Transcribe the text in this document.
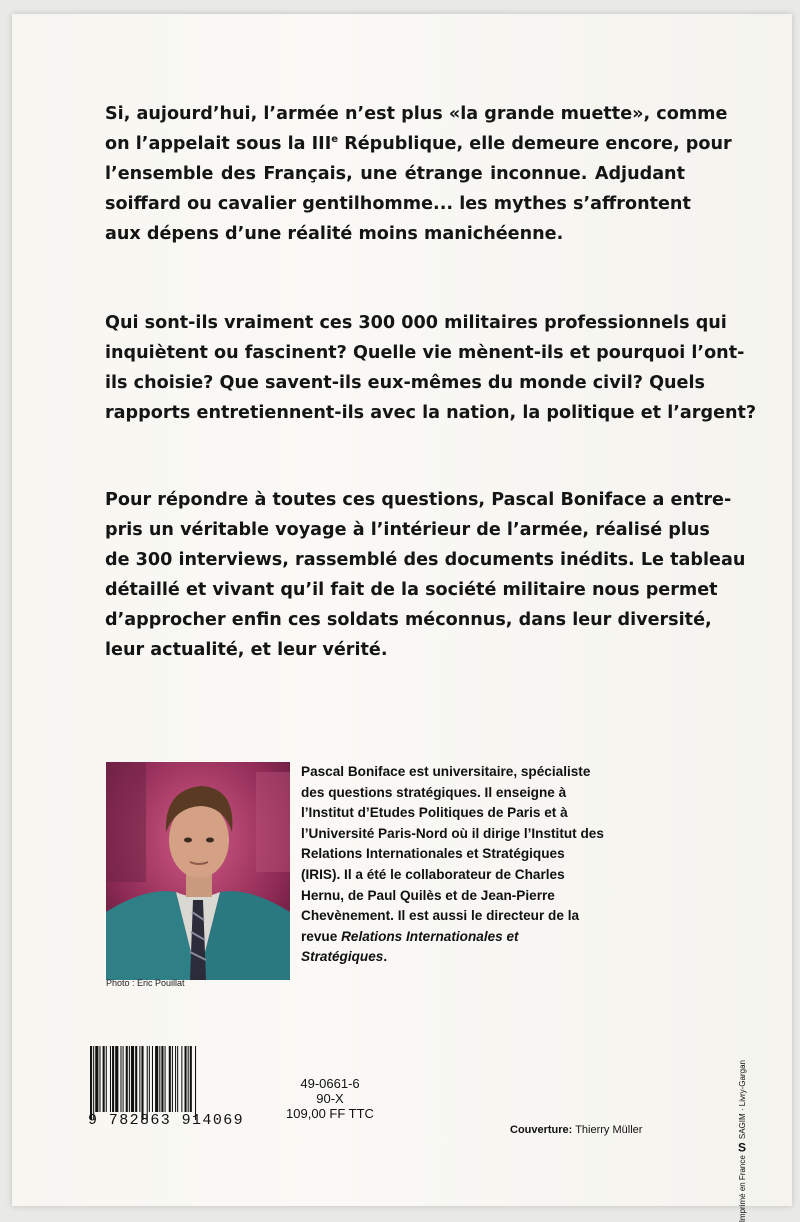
Si, aujourd’hui, l’armée n’est plus «la grande muette», comme
on l’appelait sous la IIIe République, elle demeure encore, pour
l’ensemble des Français, une étrange inconnue. Adjudant
soiffard ou cavalier gentilhomme... les mythes s’affrontent
aux dépens d’une réalité moins manichéenne.

Qui sont-ils vraiment ces 300 000 militaires professionnels qui
inquiètent ou fascinent? Quelle vie mènent-ils et pourquoi l’ont-
ils choisie? Que savent-ils eux-mêmes du monde civil? Quels
rapports entretiennent-ils avec la nation, la politique et l’argent?

Pour répondre à toutes ces questions, Pascal Boniface a entre-
pris un véritable voyage à l’intérieur de l’armée, réalisé plus
de 300 interviews, rassemblé des documents inédits. Le tableau
détaillé et vivant qu’il fait de la société militaire nous permet
d’approcher enfin ces soldats méconnus, dans leur diversité,
leur actualité, et leur vérité.

Photo : Eric Pouillat

Pascal Boniface est universitaire, spécialiste
des questions stratégiques. Il enseigne à
l’Institut d’Etudes Politiques de Paris et à
l’Université Paris-Nord où il dirige l’Institut des
Relations Internationales et Stratégiques
(IRIS). Il a été le collaborateur de Charles
Hernu, de Paul Quilès et de Jean-Pierre
Chevènement. Il est aussi le directeur de la
revue Relations Internationales et
Stratégiques.

9 782863 914069
49-0661-6
90-X
109,00 FF TTC
Couverture: Thierry Müller
Imprimé en France
S
SAGIM · Livry-Gargan
